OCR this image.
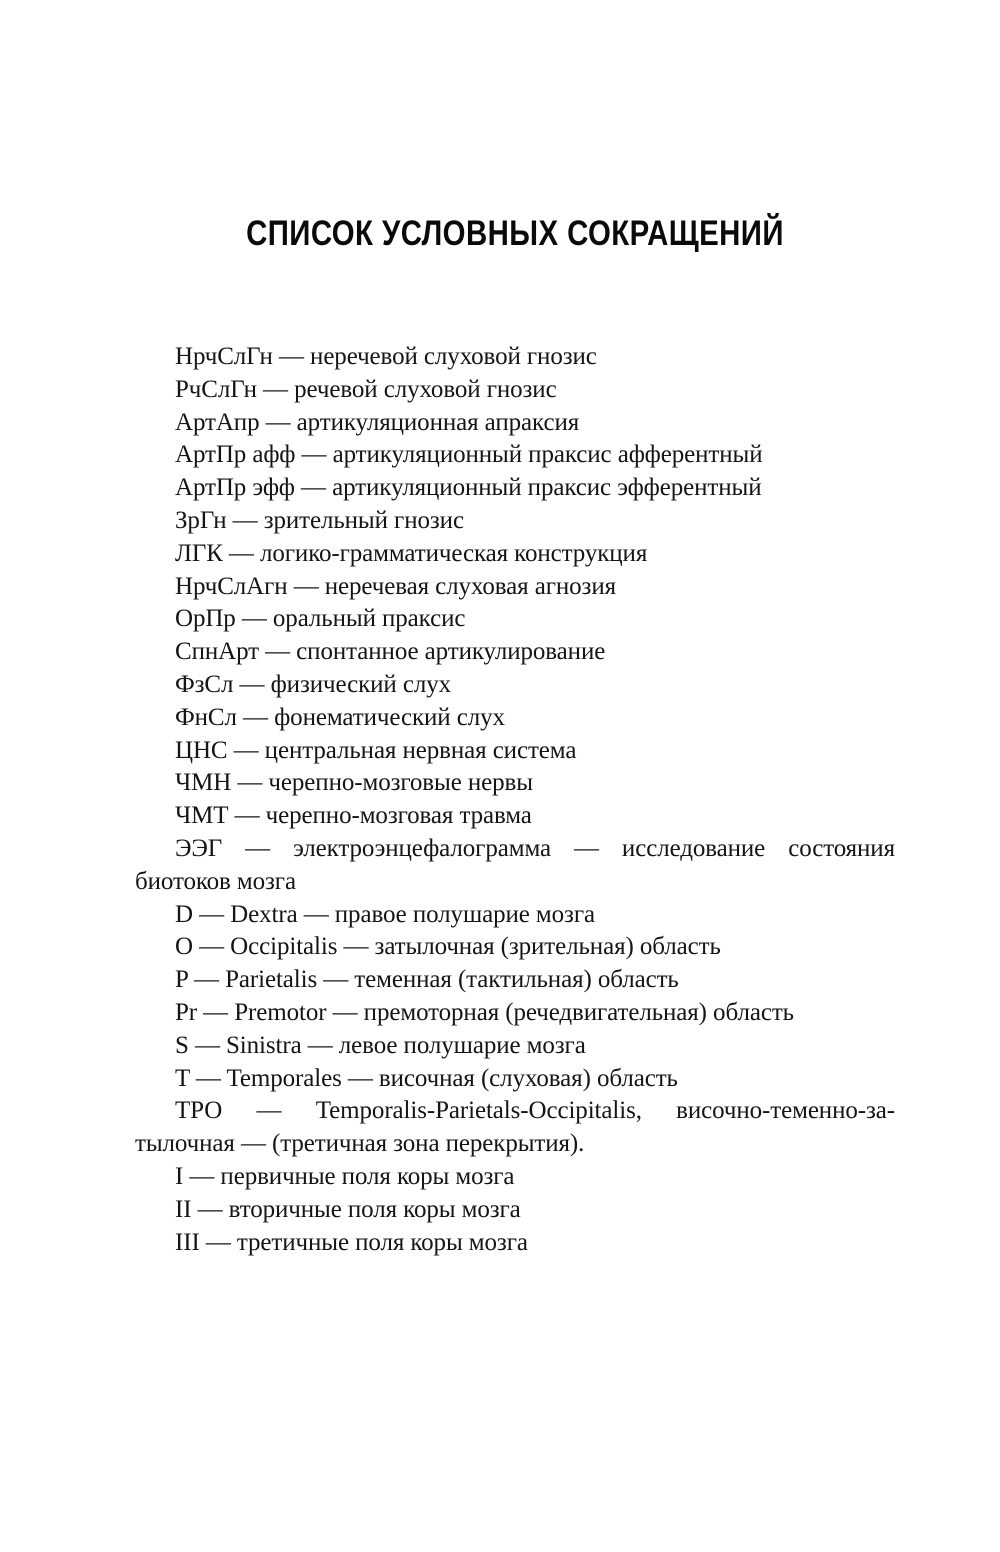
СПИСОК УСЛОВНЫХ СОКРАЩЕНИЙ

НрчСлГн — неречевой слуховой гнозис

РчСлГн — речевой слуховой гнозис

АртАпр — артикуляционная апраксия

АртПр афф — артикуляционный праксис афферентный

АртПр эфф — артикуляционный праксис эфферентный

ЗрГн — зрительный гнозис

ЛГК — логико-грамматическая конструкция

НрчСлАгн — неречевая слуховая агнозия

ОрПр — оральный праксис

СпнАрт — спонтанное артикулирование

ФзСл — физический слух

ФнСл — фонематический слух

ЦНС — центральная нервная система

ЧМН — черепно-мозговые нервы

ЧМТ — черепно-мозговая травма

ЭЭГ — электроэнцефалограмма — исследование состояния биотоков мозга

D — Dextra — правое полушарие мозга

O — Occipitalis — затылочная (зрительная) область

P — Parietalis — теменная (тактильная) область

Pr — Premotor — премоторная (речедвигательная) область

S — Sinistra — левое полушарие мозга

T — Temporales — височная (слуховая) область

ТРО — Temporalis-Parietals-Occipitalis, височно-теменно-за-тылочная — (третичная зона перекрытия).

I — первичные поля коры мозга

II — вторичные поля коры мозга

III — третичные поля коры мозга
